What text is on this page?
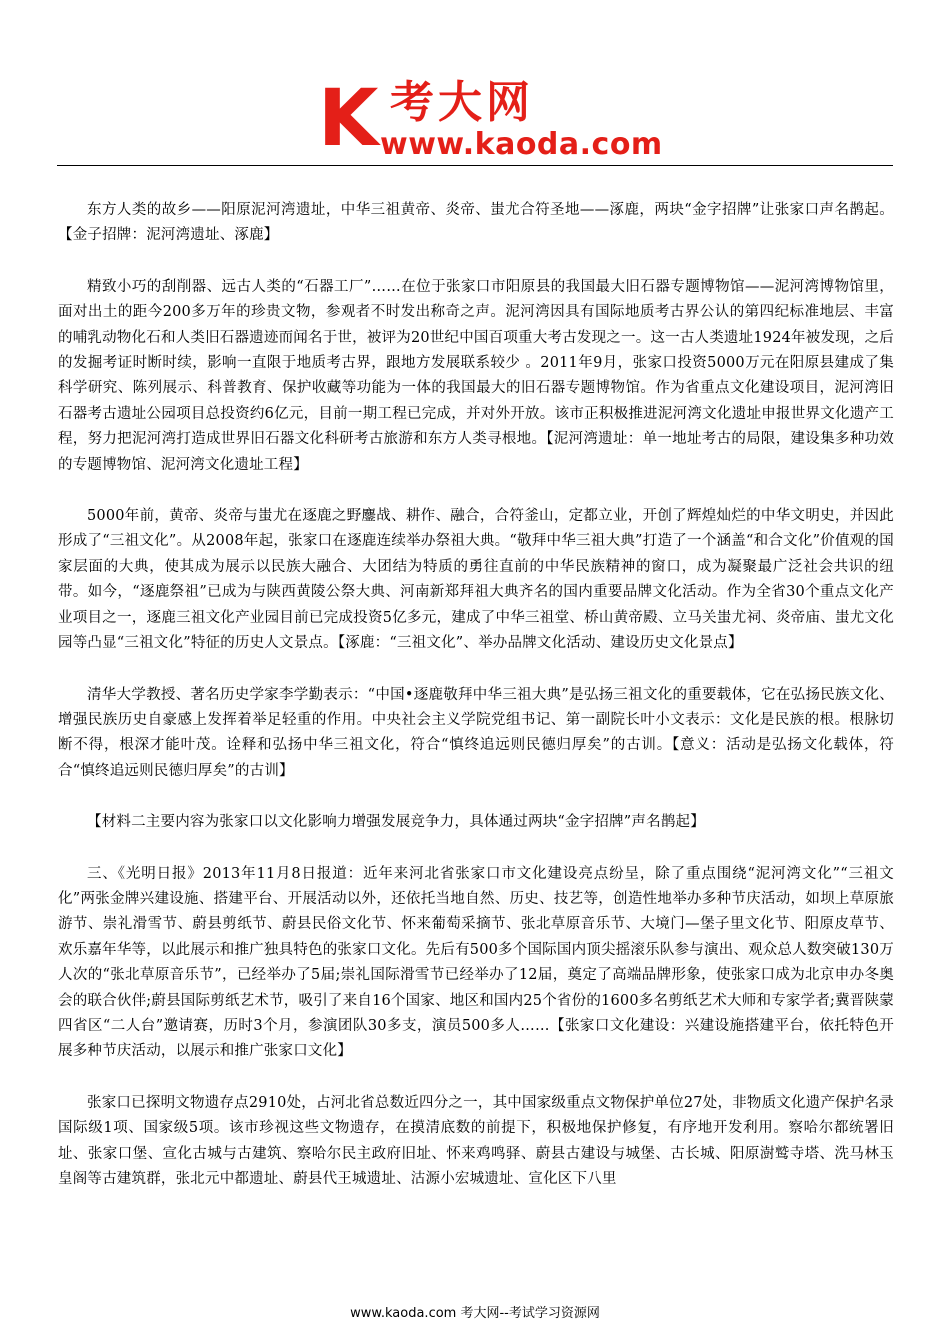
K 考大网
www.kaoda.com

东方人类的故乡——阳原泥河湾遗址，中华三祖黄帝、炎帝、蚩尤合符圣地——涿鹿，两块“金字招牌”让张家口声名鹊起。【金子招牌：泥河湾遗址、涿鹿】

精致小巧的刮削器、远古人类的“石器工厂”……在位于张家口市阳原县的我国最大旧石器专题博物馆——泥河湾博物馆里，面对出土的距今200多万年的珍贵文物，参观者不时发出称奇之声。泥河湾因具有国际地质考古界公认的第四纪标准地层、丰富的哺乳动物化石和人类旧石器遗迹而闻名于世，被评为20世纪中国百项重大考古发现之一。这一古人类遗址1924年被发现，之后的发掘考证时断时续，影响一直限于地质考古界，跟地方发展联系较少 。2011年9月，张家口投资5000万元在阳原县建成了集科学研究、陈列展示、科普教育、保护收藏等功能为一体的我国最大的旧石器专题博物馆。作为省重点文化建设项目，泥河湾旧石器考古遗址公园项目总投资约6亿元，目前一期工程已完成，并对外开放。该市正积极推进泥河湾文化遗址申报世界文化遗产工程，努力把泥河湾打造成世界旧石器文化科研考古旅游和东方人类寻根地。【泥河湾遗址：单一地址考古的局限，建设集多种功效的专题博物馆、泥河湾文化遗址工程】

5000年前，黄帝、炎帝与蚩尤在逐鹿之野鏖战、耕作、融合，合符釜山，定都立业，开创了辉煌灿烂的中华文明史，并因此形成了“三祖文化”。从2008年起，张家口在逐鹿连续举办祭祖大典。“敬拜中华三祖大典”打造了一个涵盖“和合文化”价值观的国家层面的大典，使其成为展示以民族大融合、大团结为特质的勇往直前的中华民族精神的窗口，成为凝聚最广泛社会共识的纽带。如今，“逐鹿祭祖”已成为与陕西黄陵公祭大典、河南新郑拜祖大典齐名的国内重要品牌文化活动。作为全省30个重点文化产业项目之一，逐鹿三祖文化产业园目前已完成投资5亿多元，建成了中华三祖堂、桥山黄帝殿、立马关蚩尤祠、炎帝庙、蚩尤文化园等凸显“三祖文化”特征的历史人文景点。【涿鹿：“三祖文化”、举办品牌文化活动、建设历史文化景点】

清华大学教授、著名历史学家李学勤表示：“中国•逐鹿敬拜中华三祖大典”是弘扬三祖文化的重要载体，它在弘扬民族文化、增强民族历史自豪感上发挥着举足轻重的作用。中央社会主义学院党组书记、第一副院长叶小文表示：文化是民族的根。根脉切断不得，根深才能叶茂。诠释和弘扬中华三祖文化，符合“慎终追远则民德归厚矣”的古训。【意义：活动是弘扬文化载体，符合“慎终追远则民德归厚矣”的古训】

【材料二主要内容为张家口以文化影响力增强发展竞争力，具体通过两块“金字招牌”声名鹊起】

三、《光明日报》2013年11月8日报道：近年来河北省张家口市文化建设亮点纷呈，除了重点围绕“泥河湾文化”“三祖文化”两张金牌兴建设施、搭建平台、开展活动以外，还依托当地自然、历史、技艺等，创造性地举办多种节庆活动，如坝上草原旅游节、崇礼滑雪节、蔚县剪纸节、蔚县民俗文化节、怀来葡萄采摘节、张北草原音乐节、大境门—堡子里文化节、阳原皮草节、欢乐嘉年华等，以此展示和推广独具特色的张家口文化。先后有500多个国际国内顶尖摇滚乐队参与演出、观众总人数突破130万人次的“张北草原音乐节”，已经举办了5届;崇礼国际滑雪节已经举办了12届，奠定了高端品牌形象，使张家口成为北京申办冬奥会的联合伙伴;蔚县国际剪纸艺术节，吸引了来自16个国家、地区和国内25个省份的1600多名剪纸艺术大师和专家学者;冀晋陕蒙四省区“二人台”邀请赛，历时3个月，参演团队30多支，演员500多人……【张家口文化建设：兴建设施搭建平台，依托特色开展多种节庆活动，以展示和推广张家口文化】

张家口已探明文物遗存点2910处，占河北省总数近四分之一，其中国家级重点文物保护单位27处，非物质文化遗产保护名录国际级1项、国家级5项。该市珍视这些文物遗存，在摸清底数的前提下，积极地保护修复，有序地开发利用。察哈尔都统署旧址、张家口堡、宣化古城与古建筑、察哈尔民主政府旧址、怀来鸡鸣驿、蔚县古建设与城堡、古长城、阳原澍鹫寺塔、洗马林玉皇阁等古建筑群，张北元中都遗址、蔚县代王城遗址、沽源小宏城遗址、宣化区下八里

www.kaoda.com 考大网--考试学习资源网
